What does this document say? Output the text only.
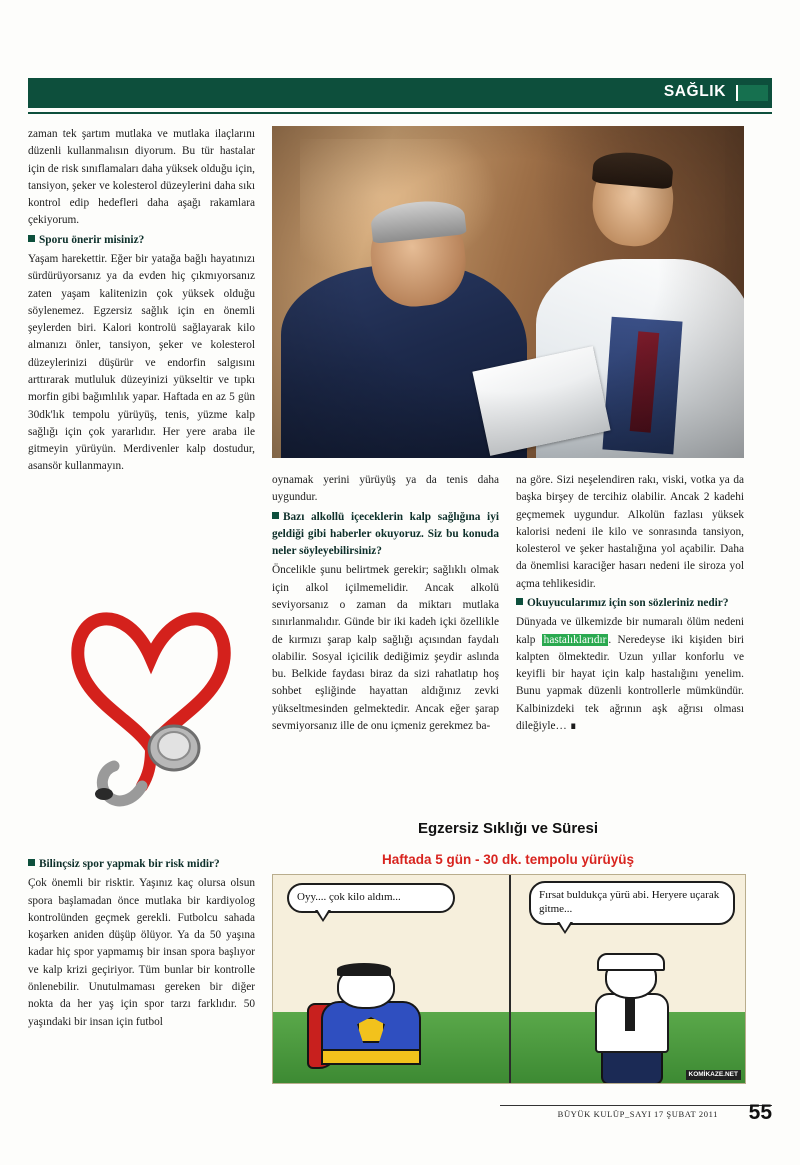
SAĞLIK

zaman tek şartım mutlaka ve mutlaka ilaçlarını düzenli kullanmalısın diyorum. Bu tür hastalar için de risk sınıflamaları daha yüksek olduğu için, tansiyon, şeker ve kolesterol düzeylerini daha sıkı kontrol edip hedefleri daha aşağı rakamlara çekiyorum.

Sporu önerir misiniz?

Yaşam harekettir. Eğer bir yatağa bağlı hayatınızı sürdürüyorsanız ya da evden hiç çıkmıyorsanız zaten yaşam kalitenizin çok yüksek olduğu söylenemez. Egzersiz sağlık için en önemli şeylerden biri. Kalori kontrolü sağlayarak kilo almanızı önler, tansiyon, şeker ve kolesterol düzeylerinizi düşürür ve endorfin salgısını arttırarak mutluluk düzeyinizi yükseltir ve tıpkı morfin gibi bağımlılık yapar. Haftada en az 5 gün 30dk'lık tempolu yürüyüş, tenis, yüzme kalp sağlığı için çok yararlıdır. Her yere araba ile gitmeyin yürüyün. Merdivenler kalp dostudur, asansör kullanmayın.

Bilinçsiz spor yapmak bir risk midir?

Çok önemli bir risktir. Yaşınız kaç olursa olsun spora başlamadan önce mutlaka bir kardiyolog kontrolünden geçmek gerekli. Futbolcu sahada koşarken aniden düşüp ölüyor. Ya da 50 yaşına kadar hiç spor yapmamış bir insan spora başlıyor ve kalp krizi geçiriyor. Tüm bunlar bir kontrolle önlenebilir. Unutulmaması gereken bir diğer nokta da her yaş için spor tarzı farklıdır. 50 yaşındaki bir insan için futbol

oynamak yerini yürüyüş ya da tenis daha uygundur.

Bazı alkollü içeceklerin kalp sağlığına iyi geldiği gibi haberler okuyoruz. Siz bu konuda neler söyleyebilirsiniz?

Öncelikle şunu belirtmek gerekir; sağlıklı olmak için alkol içilmemelidir. Ancak alkolü seviyorsanız o zaman da miktarı mutlaka sınırlanmalıdır. Günde bir iki kadeh içki özellikle de kırmızı şarap kalp sağlığı açısından faydalı olabilir. Sosyal içicilik dediğimiz şeydir aslında bu. Belkide faydası biraz da sizi rahatlatıp hoş sohbet eşliğinde hayattan aldığınız zevki yükseltmesinden gelmektedir. Ancak eğer şarap sevmiyorsanız ille de onu içmeniz gerekmez ba-

na göre. Sizi neşelendiren rakı, viski, votka ya da başka birşey de tercihiz olabilir. Ancak 2 kadehi geçmemek uygundur. Alkolün fazlası yüksek kalorisi nedeni ile kilo ve sonrasında tansiyon, kolesterol ve şeker hastalığına yol açabilir. Daha da önemlisi karaciğer hasarı nedeni ile siroza yol açma tehlikesidir.

Okuyucularımız için son sözleriniz nedir?

Dünyada ve ülkemizde bir numaralı ölüm nedeni kalp hastalıklarıdır . Neredeyse iki kişiden biri kalpten ölmektedir. Uzun yıllar konforlu ve keyifli bir hayat için kalp hastalığını yenelim. Bunu yapmak düzenli kontrollerle mümkündür. Kalbinizdeki tek ağrının aşk ağrısı olması dileğiyle… ∎

Egzersiz Sıklığı ve Süresi
Haftada 5 gün - 30 dk. tempolu yürüyüş
Oyy.... çok kilo aldım...	Fırsat buldukça yürü abi. Heryere uçarak gitme...
KOMİKAZE.NET
BÜYÜK KULÜP_SAYI 17 ŞUBAT 2011 55
